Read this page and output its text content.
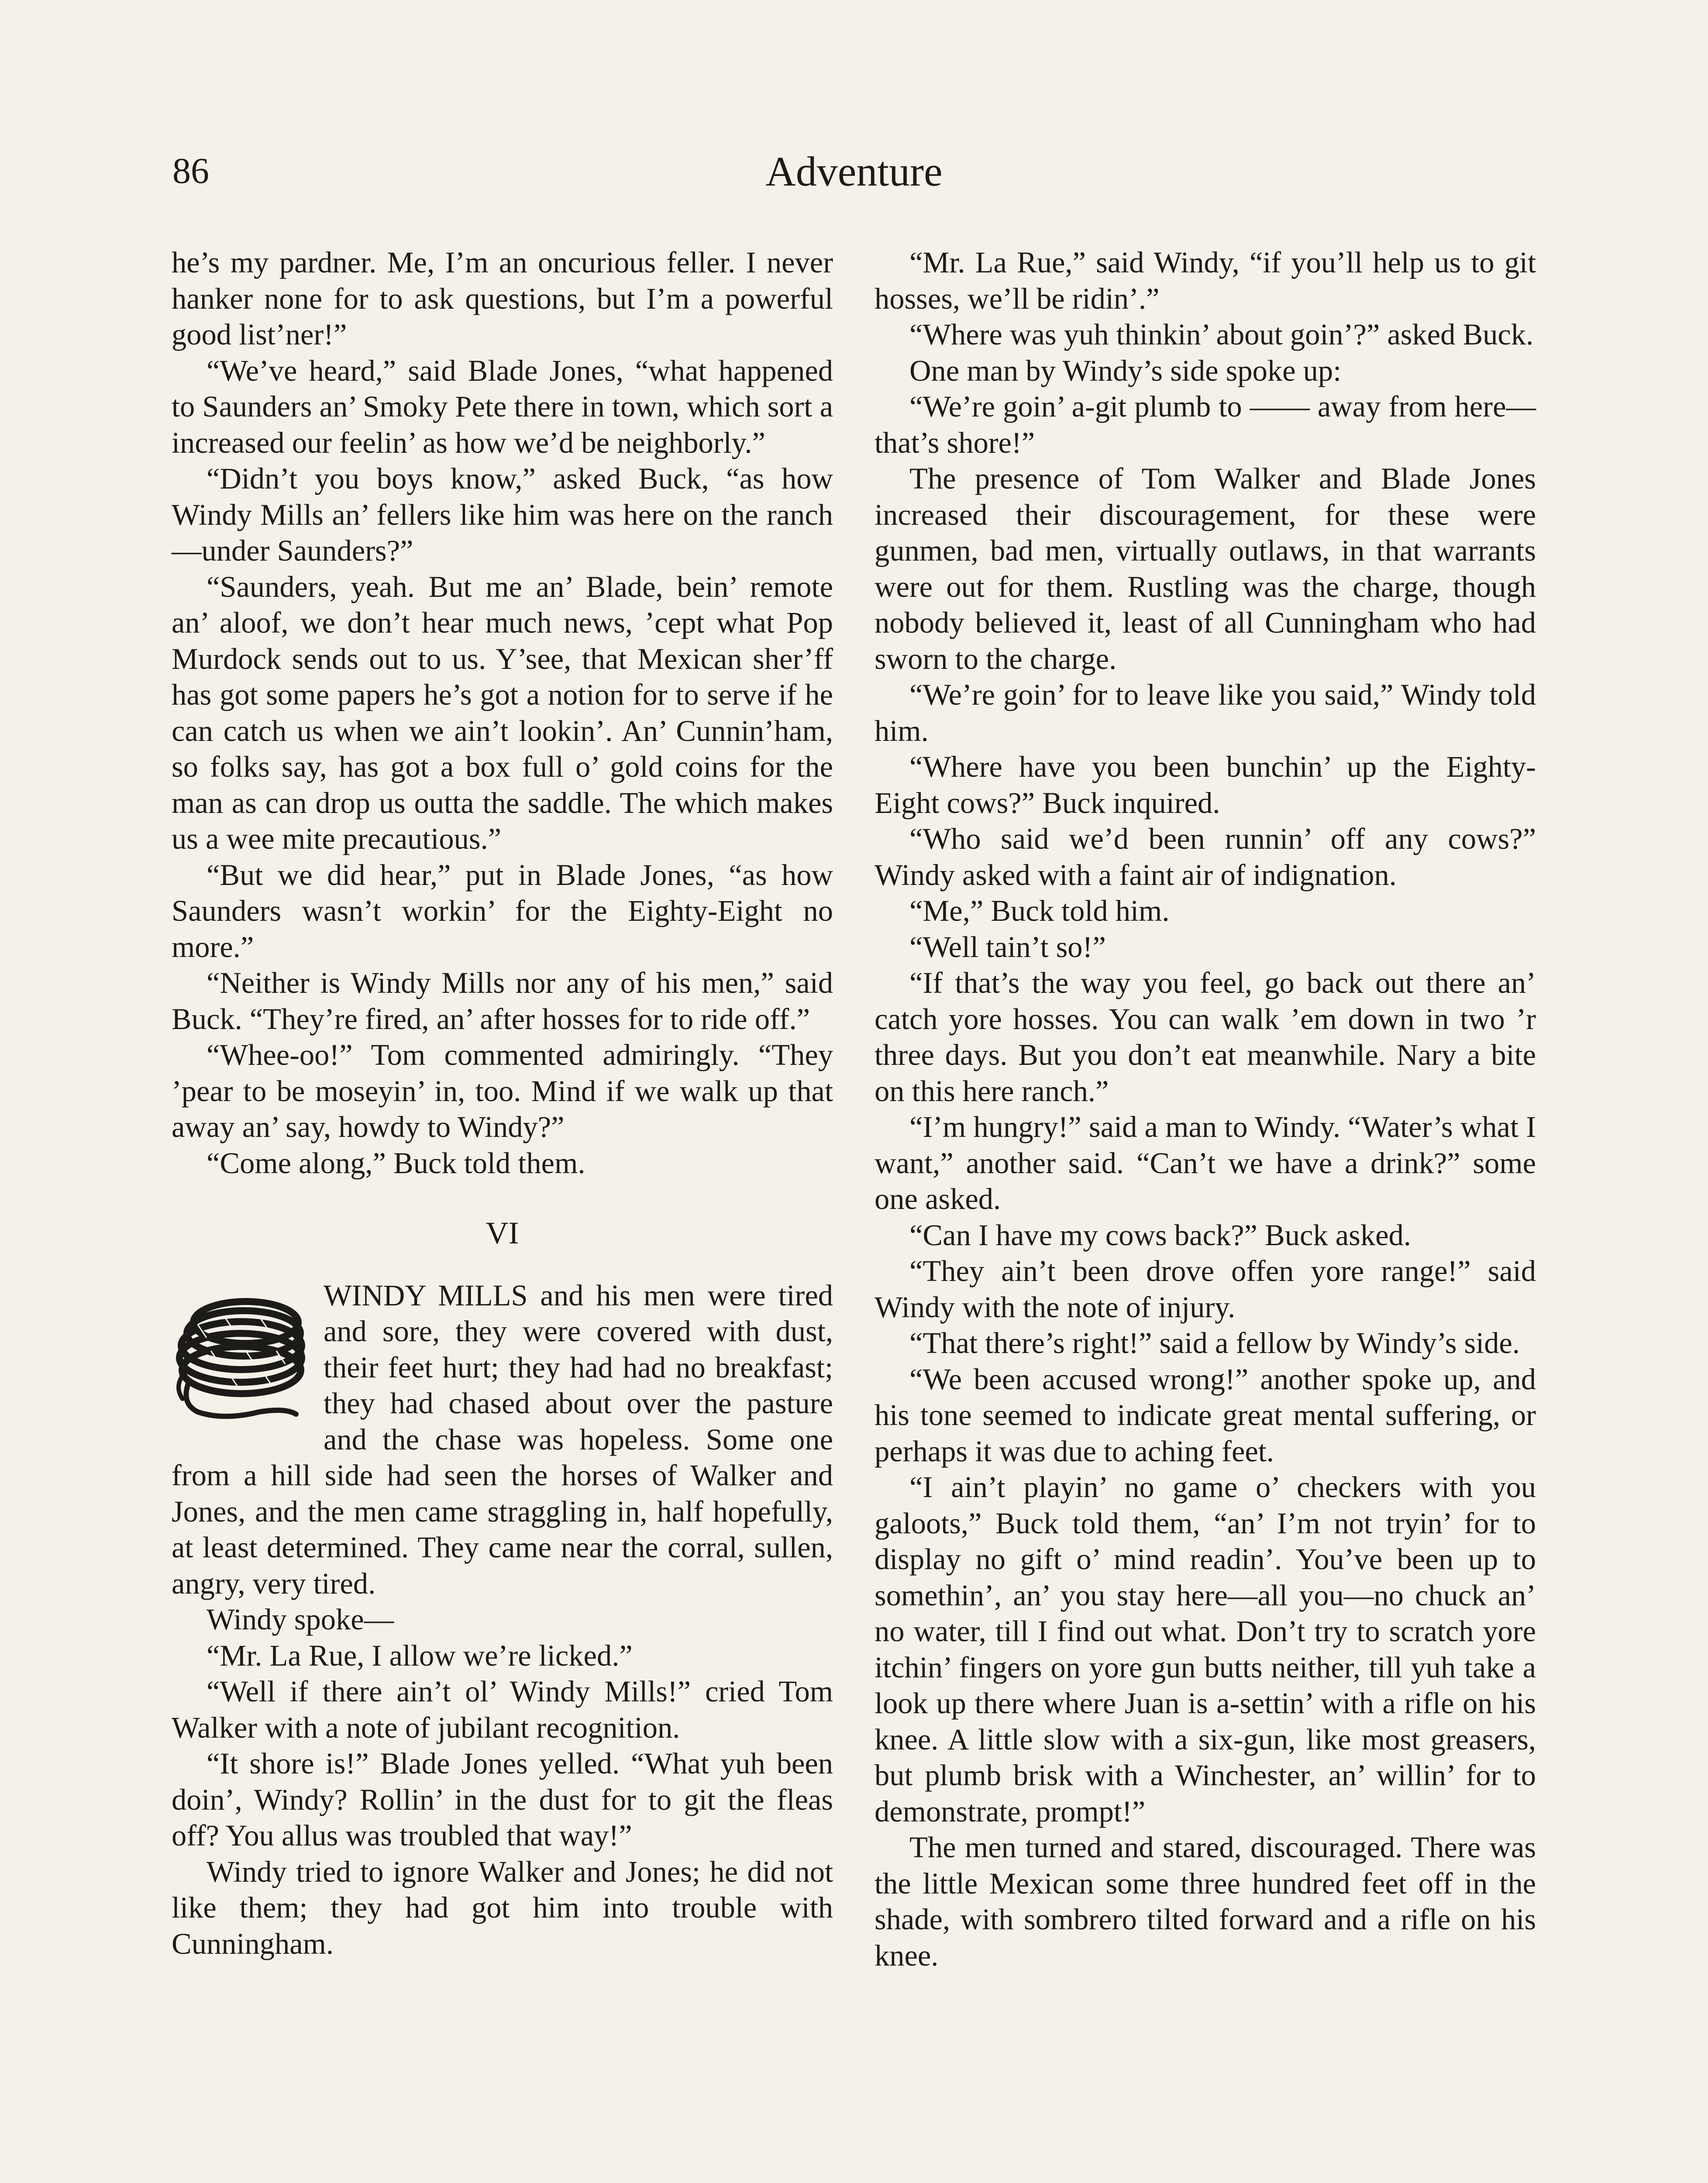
86	Adventure

he’s my pardner. Me, I’m an oncurious feller. I never hanker none for to ask questions, but I’m a powerful good list’ner!”

“We’ve heard,” said Blade Jones, “what happened to Saunders an’ Smoky Pete there in town, which sort a increased our feelin’ as how we’d be neighborly.”

“Didn’t you boys know,” asked Buck, “as how Windy Mills an’ fellers like him was here on the ranch—under Saunders?”

“Saunders, yeah. But me an’ Blade, bein’ remote an’ aloof, we don’t hear much news, ’cept what Pop Murdock sends out to us. Y’see, that Mexican sher’ff has got some papers he’s got a notion for to serve if he can catch us when we ain’t lookin’. An’ Cunnin’ham, so folks say, has got a box full o’ gold coins for the man as can drop us outta the saddle. The which makes us a wee mite precautious.”

“But we did hear,” put in Blade Jones, “as how Saunders wasn’t workin’ for the Eighty-Eight no more.”

“Neither is Windy Mills nor any of his men,” said Buck. “They’re fired, an’ after hosses for to ride off.”

“Whee-oo!” Tom commented admiringly. “They ’pear to be moseyin’ in, too. Mind if we walk up that away an’ say, howdy to Windy?”

“Come along,” Buck told them.

VI

WINDY MILLS and his men were tired and sore, they were covered with dust, their feet hurt; they had had no breakfast; they had chased about over the pasture and the chase was hopeless. Some one from a hill side had seen the horses of Walker and Jones, and the men came straggling in, half hopefully, at least determined. They came near the corral, sullen, angry, very tired.

Windy spoke—

“Mr. La Rue, I allow we’re licked.”

“Well if there ain’t ol’ Windy Mills!” cried Tom Walker with a note of jubilant recognition.

“It shore is!” Blade Jones yelled. “What yuh been doin’, Windy? Rollin’ in the dust for to git the fleas off? You allus was troubled that way!”

Windy tried to ignore Walker and Jones; he did not like them; they had got him into trouble with Cunningham.

“Mr. La Rue,” said Windy, “if you’ll help us to git hosses, we’ll be ridin’.”

“Where was yuh thinkin’ about goin’?” asked Buck.

One man by Windy’s side spoke up:

“We’re goin’ a-git plumb to —— away from here—that’s shore!”

The presence of Tom Walker and Blade Jones increased their discouragement, for these were gunmen, bad men, virtually outlaws, in that warrants were out for them. Rustling was the charge, though nobody believed it, least of all Cunningham who had sworn to the charge.

“We’re goin’ for to leave like you said,” Windy told him.

“Where have you been bunchin’ up the Eighty-Eight cows?” Buck inquired.

“Who said we’d been runnin’ off any cows?” Windy asked with a faint air of indignation.

“Me,” Buck told him.

“Well tain’t so!”

“If that’s the way you feel, go back out there an’ catch yore hosses. You can walk ’em down in two ’r three days. But you don’t eat meanwhile. Nary a bite on this here ranch.”

“I’m hungry!” said a man to Windy. “Water’s what I want,” another said. “Can’t we have a drink?” some one asked.

“Can I have my cows back?” Buck asked.

“They ain’t been drove offen yore range!” said Windy with the note of injury.

“That there’s right!” said a fellow by Windy’s side.

“We been accused wrong!” another spoke up, and his tone seemed to indicate great mental suffering, or perhaps it was due to aching feet.

“I ain’t playin’ no game o’ checkers with you galoots,” Buck told them, “an’ I’m not tryin’ for to display no gift o’ mind readin’. You’ve been up to somethin’, an’ you stay here—all you—no chuck an’ no water, till I find out what. Don’t try to scratch yore itchin’ fingers on yore gun butts neither, till yuh take a look up there where Juan is a-settin’ with a rifle on his knee. A little slow with a six-gun, like most greasers, but plumb brisk with a Winchester, an’ willin’ for to demonstrate, prompt!”

The men turned and stared, discouraged. There was the little Mexican some three hundred feet off in the shade, with sombrero tilted forward and a rifle on his knee.
